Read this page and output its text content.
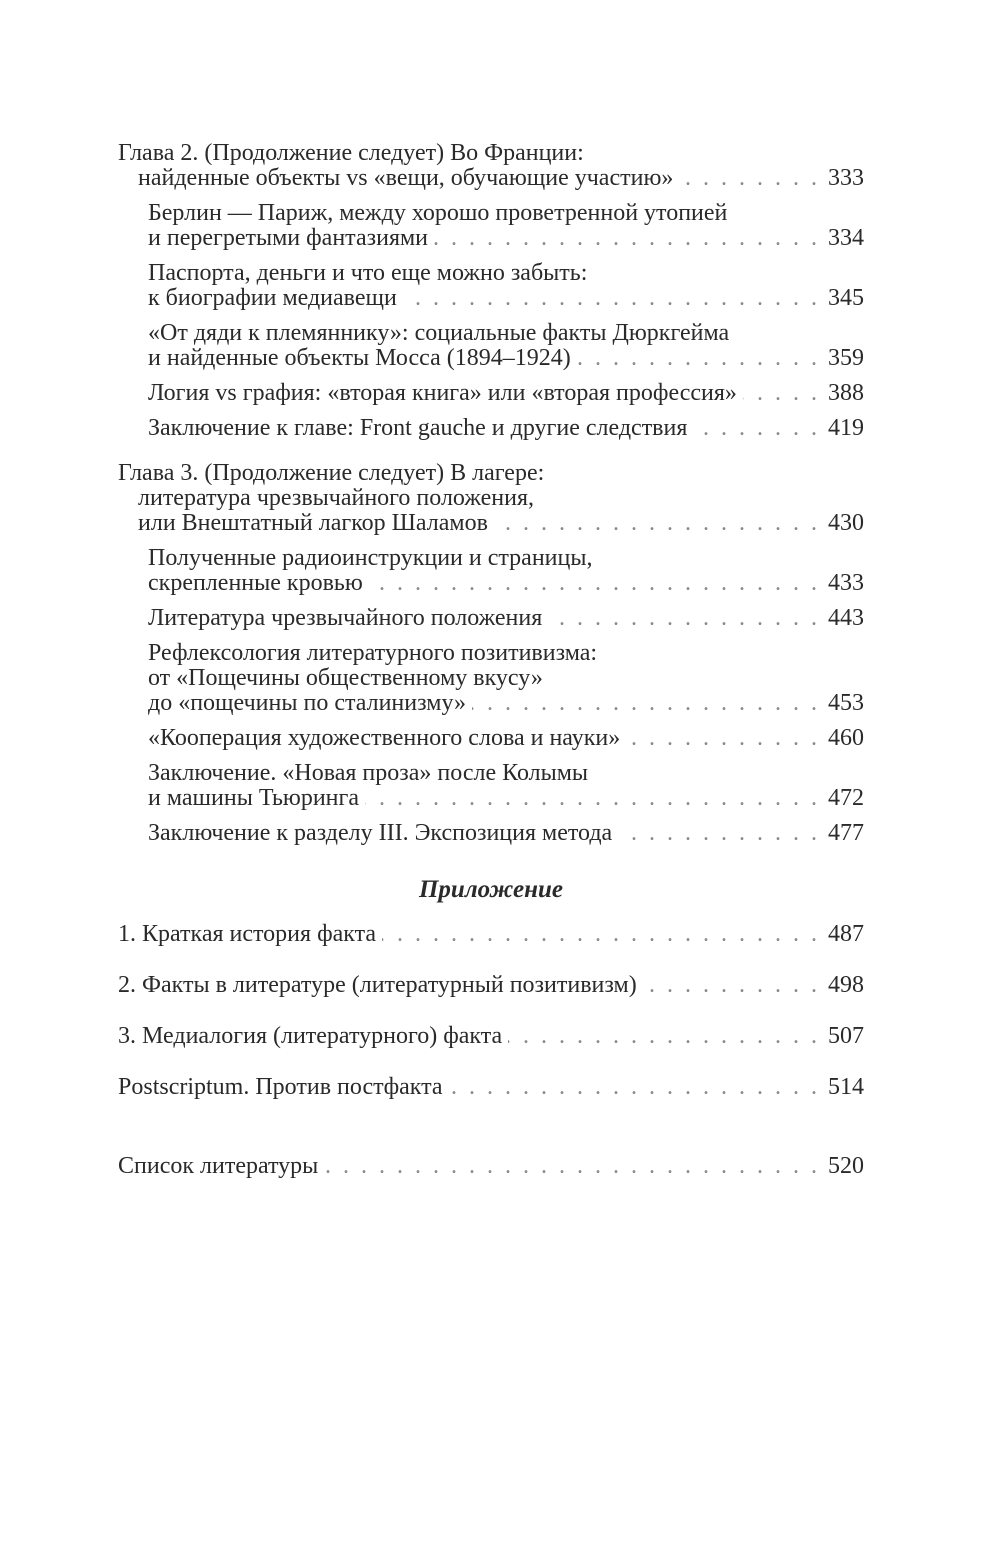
Глава 2. (Продолжение следует) Во Франции:
найденные объекты vs «вещи, обучающие участию» . . .	333
Берлин — Париж, между хорошо проветренной утопией
и перегретыми фантазиями . . .	334
Паспорта, деньги и что еще можно забыть:
к биографии медиавещи . . .	345
«От дяди к племяннику»: социальные факты Дюркгейма
и найденные объекты Мосса (1894–1924) . . .	359
Логия vs графия: «вторая книга» или «вторая профессия» . . .	388
Заключение к главе: Front gauche и другие следствия . . .	419
Глава 3. (Продолжение следует) В лагере:
литература чрезвычайного положения,
или Внештатный лагкор Шаламов . . .	430
Полученные радиоинструкции и страницы,
скрепленные кровью . . .	433
Литература чрезвычайного положения . . .	443
Рефлексология литературного позитивизма:
от «Пощечины общественному вкусу»
до «пощечины по сталинизму» . . .	453
«Кооперация художественного слова и науки» . . .	460
Заключение. «Новая проза» после Колымы
и машины Тьюринга . . .	472
Заключение к разделу III. Экспозиция метода . . .	477
Приложение
1. Краткая история факта . . .	487
2. Факты в литературе (литературный позитивизм) . . .	498
3. Медиалогия (литературного) факта . . .	507
Postscriptum. Против постфакта . . .	514
Список литературы . . .	520
